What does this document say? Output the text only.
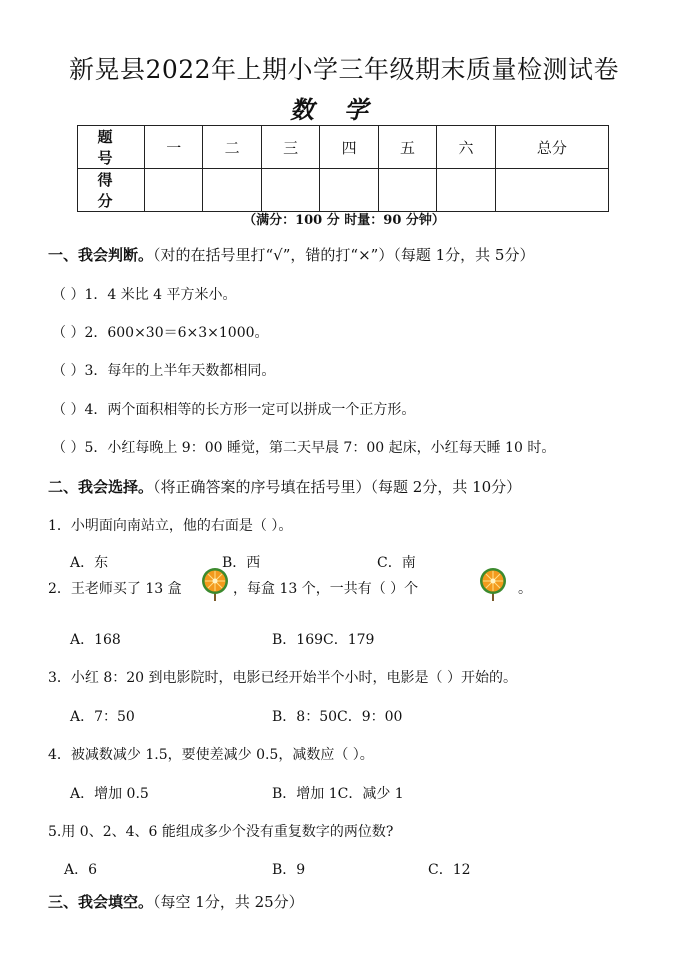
新晃县2022年上期小学三年级期末质量检测试卷
数学
题 号	一	二	三	四	五	六	总分
得 分							
（满分：100 分 时量：90 分钟）
一、我会判断。（对的在括号里打“√”，错的打“×”）（每题 1分，共 5分）
（ ）1．4 米比 4 平方米小。
（ ）2．600×30＝6×3×1000。
（ ）3．每年的上半年天数都相同。
（ ）4．两个面积相等的长方形一定可以拼成一个正方形。
（ ）5．小红每晚上 9：00 睡觉，第二天早晨 7：00 起床，小红每天睡 10 时。
二、我会选择。（将正确答案的序号填在括号里）（每题 2分，共 10分）
1．小明面向南站立，他的右面是（ ）。
A．东	B．西	C．南
2．王老师买了 13 盒	，每盒 13 个，一共有（ ）个	。
A．168	B．169C．179
3．小红 8：20 到电影院时，电影已经开始半个小时，电影是（ ）开始的。
A．7：50	B．8：50C．9：00
4．被减数减少 1.5，要使差减少 0.5，减数应（ ）。
A．增加 0.5	B．增加 1C．减少 1
5.用 0、2、4、6 能组成多少个没有重复数字的两位数?
A．6	B．9	C．12
三、我会填空。（每空 1分，共 25分）
